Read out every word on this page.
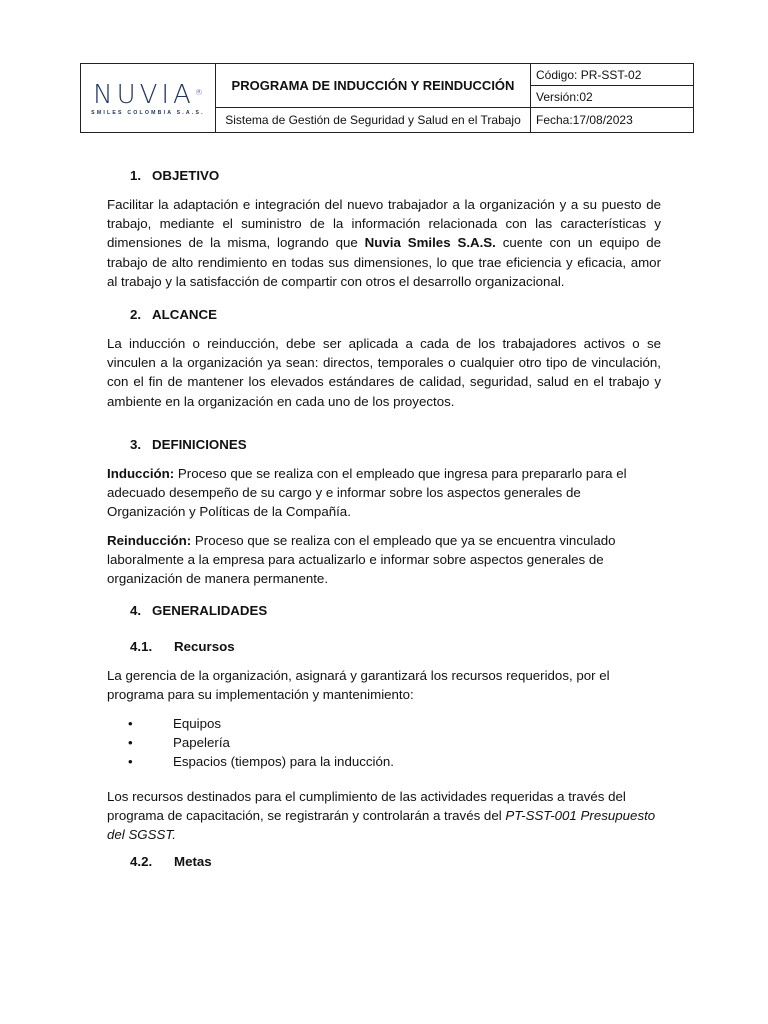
NUVIA®
SMILES COLOMBIA S.A.S.	PROGRAMA DE INDUCCIÓN Y REINDUCCIÓN	Código: PR-SST-02
		Versión:02
	Sistema de Gestión de Seguridad y Salud en el Trabajo	Fecha:17/08/2023
1. OBJETIVO
Facilitar la adaptación e integración del nuevo trabajador a la organización y a su puesto de trabajo, mediante el suministro de la información relacionada con las características y dimensiones de la misma, logrando que Nuvia Smiles S.A.S. cuente con un equipo de trabajo de alto rendimiento en todas sus dimensiones, lo que trae eficiencia y eficacia, amor al trabajo y la satisfacción de compartir con otros el desarrollo organizacional.
2. ALCANCE
La inducción o reinducción, debe ser aplicada a cada de los trabajadores activos o se vinculen a la organización ya sean: directos, temporales o cualquier otro tipo de vinculación, con el fin de mantener los elevados estándares de calidad, seguridad, salud en el trabajo y ambiente en la organización en cada uno de los proyectos.
3. DEFINICIONES
Inducción: Proceso que se realiza con el empleado que ingresa para prepararlo para el adecuado desempeño de su cargo y e informar sobre los aspectos generales de Organización y Políticas de la Compañía.
Reinducción: Proceso que se realiza con el empleado que ya se encuentra vinculado laboralmente a la empresa para actualizarlo e informar sobre aspectos generales de organización de manera permanente.
4. GENERALIDADES
4.1. Recursos
La gerencia de la organización, asignará y garantizará los recursos requeridos, por el programa para su implementación y mantenimiento:
•	Equipos
•	Papelería
•	Espacios (tiempos) para la inducción.
Los recursos destinados para el cumplimiento de las actividades requeridas a través del programa de capacitación, se registrarán y controlarán a través del PT-SST-001 Presupuesto del SGSST.
4.2. Metas
